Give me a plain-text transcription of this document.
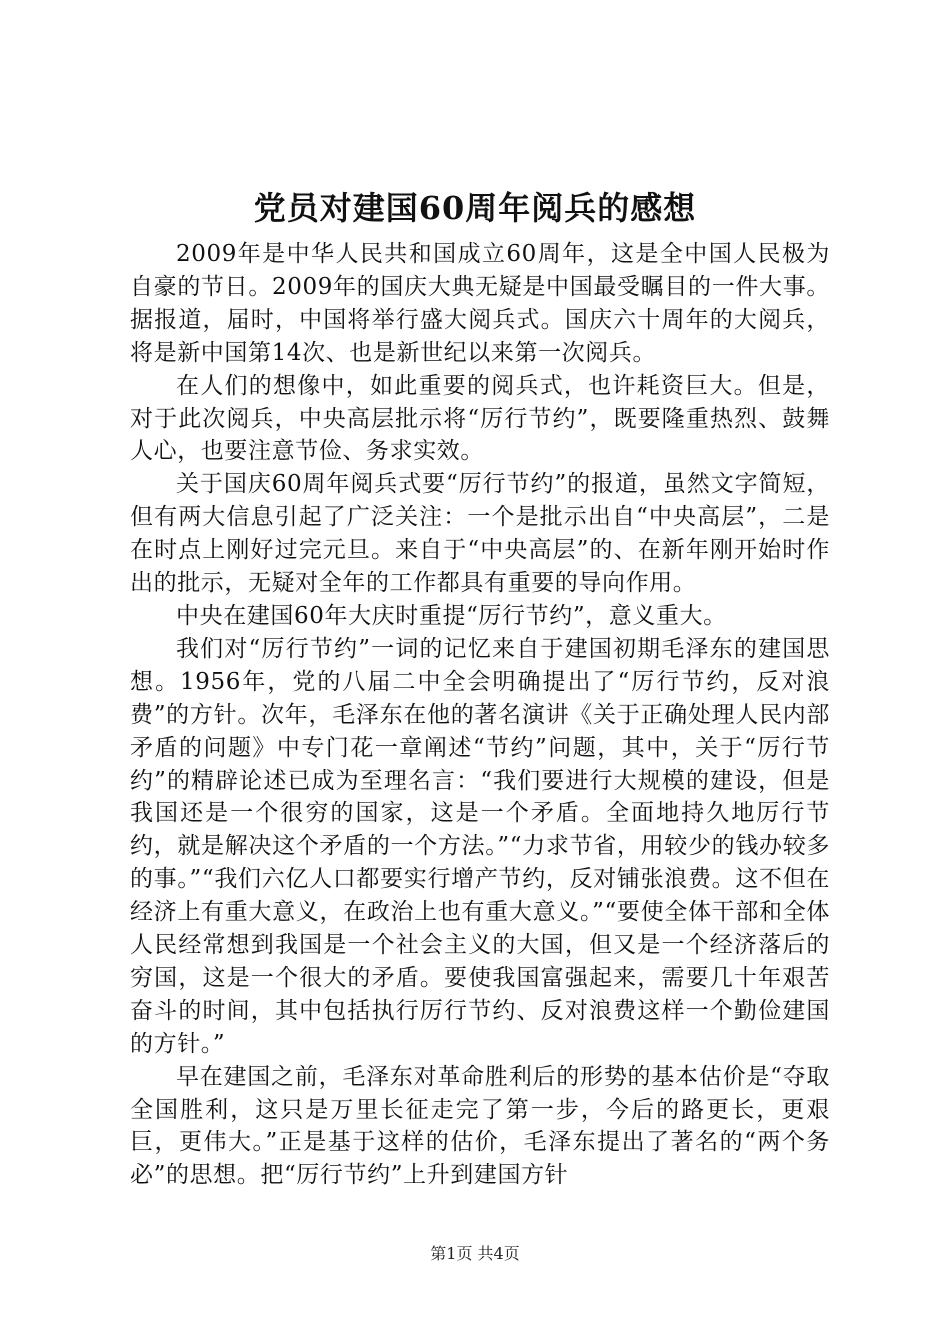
党员对建国60周年阅兵的感想

2009年是中华人民共和国成立60周年，这是全中国人民极为自豪的节日。2009年的国庆大典无疑是中国最受瞩目的一件大事。据报道，届时，中国将举行盛大阅兵式。国庆六十周年的大阅兵，将是新中国第14次、也是新世纪以来第一次阅兵。

在人们的想像中，如此重要的阅兵式，也许耗资巨大。但是，对于此次阅兵，中央高层批示将“厉行节约”，既要隆重热烈、鼓舞人心，也要注意节俭、务求实效。

关于国庆60周年阅兵式要“厉行节约”的报道，虽然文字简短，但有两大信息引起了广泛关注：一个是批示出自“中央高层”，二是在时点上刚好过完元旦。来自于“中央高层”的、在新年刚开始时作出的批示，无疑对全年的工作都具有重要的导向作用。

中央在建国60年大庆时重提“厉行节约”，意义重大。

我们对“厉行节约”一词的记忆来自于建国初期毛泽东的建国思想。1956年，党的八届二中全会明确提出了“厉行节约，反对浪费”的方针。次年，毛泽东在他的著名演讲《关于正确处理人民内部矛盾的问题》中专门花一章阐述“节约”问题，其中，关于“厉行节约”的精辟论述已成为至理名言：“我们要进行大规模的建设，但是我国还是一个很穷的国家，这是一个矛盾。全面地持久地厉行节约，就是解决这个矛盾的一个方法。”“力求节省，用较少的钱办较多的事。”“我们六亿人口都要实行增产节约，反对铺张浪费。这不但在经济上有重大意义，在政治上也有重大意义。”“要使全体干部和全体人民经常想到我国是一个社会主义的大国，但又是一个经济落后的穷国，这是一个很大的矛盾。要使我国富强起来，需要几十年艰苦奋斗的时间，其中包括执行厉行节约、反对浪费这样一个勤俭建国的方针。”

早在建国之前，毛泽东对革命胜利后的形势的基本估价是“夺取全国胜利，这只是万里长征走完了第一步，今后的路更长，更艰巨，更伟大。”正是基于这样的估价，毛泽东提出了著名的“两个务必”的思想。把“厉行节约”上升到建国方针

第1页 共4页
